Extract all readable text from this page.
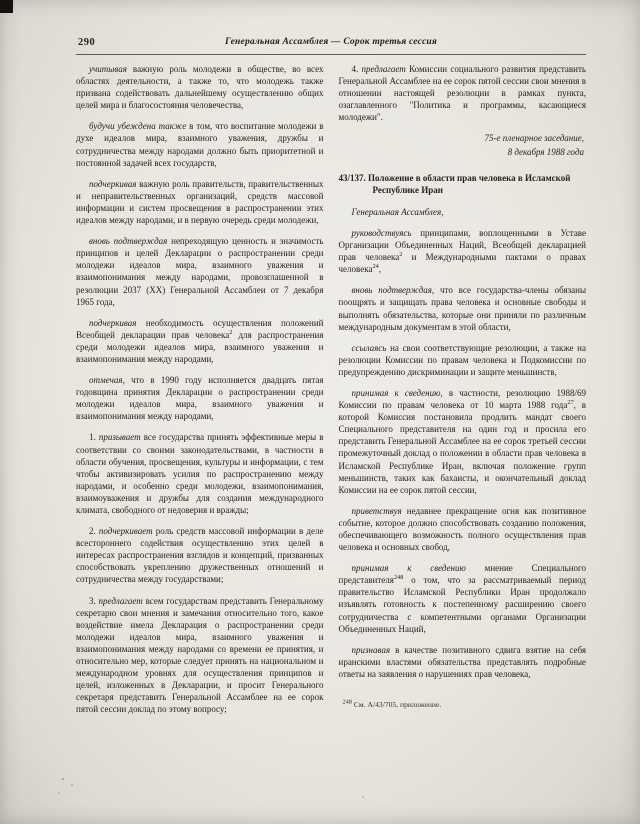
290	Генеральная Ассамблея — Сорок третья сессия

учитывая важную роль молодежи в обществе, во всех областях деятельности, а также то, что молодежь также призвана содействовать дальнейшему осуществлению общих целей мира и благосостояния человечества,

будучи убеждена также в том, что воспитание молодежи в духе идеалов мира, взаимного уважения, дружбы и сотрудничества между народами должно быть приоритетной и постоянной задачей всех государств,

подчеркивая важную роль правительств, правительственных и неправительственных организаций, средств массовой информации и систем просвещения в распространении этих идеалов между народами, и в первую очередь среди молодежи,

вновь подтверждая непреходящую ценность и значимость принципов и целей Декларации о распространении среди молодежи идеалов мира, взаимного уважения и взаимопонимания между народами, провозглашенной в резолюции 2037 (XX) Генеральной Ассамблеи от 7 декабря 1965 года,

подчеркивая необходимость осуществления положений Всеобщей декларации прав человека$^2$ для распространения среди молодежи идеалов мира, взаимного уважения и взаимопонимания между народами,

отмечая, что в 1990 году исполняется двадцать пятая годовщина принятия Декларации о распространении среди молодежи идеалов мира, взаимного уважения и взаимопонимания между народами,

1. призывает все государства принять эффективные меры в соответствии со своими законодательствами, в частности в области обучения, просвещения, культуры и информации, с тем чтобы активизировать усилия по распространению между народами, и особенно среди молодежи, взаимопонимания, взаимоуважения и дружбы для создания международного климата, свободного от недоверия и вражды;

2. подчеркивает роль средств массовой информации в деле всестороннего содействия осуществлению этих целей в интересах распространения взглядов и концепций, призванных способствовать укреплению дружественных отношений и сотрудничества между государствами;

3. предлагает всем государствам представить Генеральному секретарю свои мнения и замечания относительно того, какое воздействие имела Декларация о распространении среди молодежи идеалов мира, взаимного уважения и взаимопонимания между народами со времени ее принятия, и относительно мер, которые следует принять на национальном и международном уровнях для осуществления принципов и целей, изложенных в Декларации, и просит Генерального секретаря представить Генеральной Ассамблее на ее сорок пятой сессии доклад по этому вопросу;

4. предлагает Комиссии социального развития представить Генеральной Ассамблее на ее сорок пятой сессии свои мнения в отношении настоящей резолюции в рамках пункта, озаглавленного "Политика и программы, касающиеся молодежи".

75-е пленарное заседание,

8 декабря 1988 года

43/137. Положение в области прав человека в Исламской Республике Иран

Генеральная Ассамблея,

руководствуясь принципами, воплощенными в Уставе Организации Объединенных Наций, Всеобщей декларацией прав человека$^2$ и Международными пактами о правах человека$^{24}$,

вновь подтверждая, что все государства-члены обязаны поощрять и защищать права человека и основные свободы и выполнять обязательства, которые они приняли по различным международным документам в этой области,

ссылаясь на свои соответствующие резолюции, а также на резолюции Комиссии по правам человека и Подкомиссии по предупреждению дискриминации и защите меньшинств,

принимая к сведению, в частности, резолюцию 1988/69 Комиссии по правам человека от 10 марта 1988 года$^{27}$, в которой Комиссия постановила продлить мандат своего Специального представителя на один год и просила его представить Генеральной Ассамблее на ее сорок третьей сессии промежуточный доклад о положении в области прав человека в Исламской Республике Иран, включая положение групп меньшинств, таких как бахаисты, и окончательный доклад Комиссии на ее сорок пятой сессии,

приветствуя недавнее прекращение огня как позитивное событие, которое должно способствовать созданию положения, обеспечивающего возможность полного осуществления прав человека и основных свобод,

принимая к сведению мнение Специального представителя$^{248}$ о том, что за рассматриваемый период правительство Исламской Республики Иран продолжало изъявлять готовность к постепенному расширению своего сотрудничества с компетентными органами Организации Объединенных Наций,

признавая в качестве позитивного сдвига взятие на себя иранскими властями обязательства представлять подробные ответы на заявления о нарушениях прав человека,

$^{248}$ См. A/43/705, приложение.
